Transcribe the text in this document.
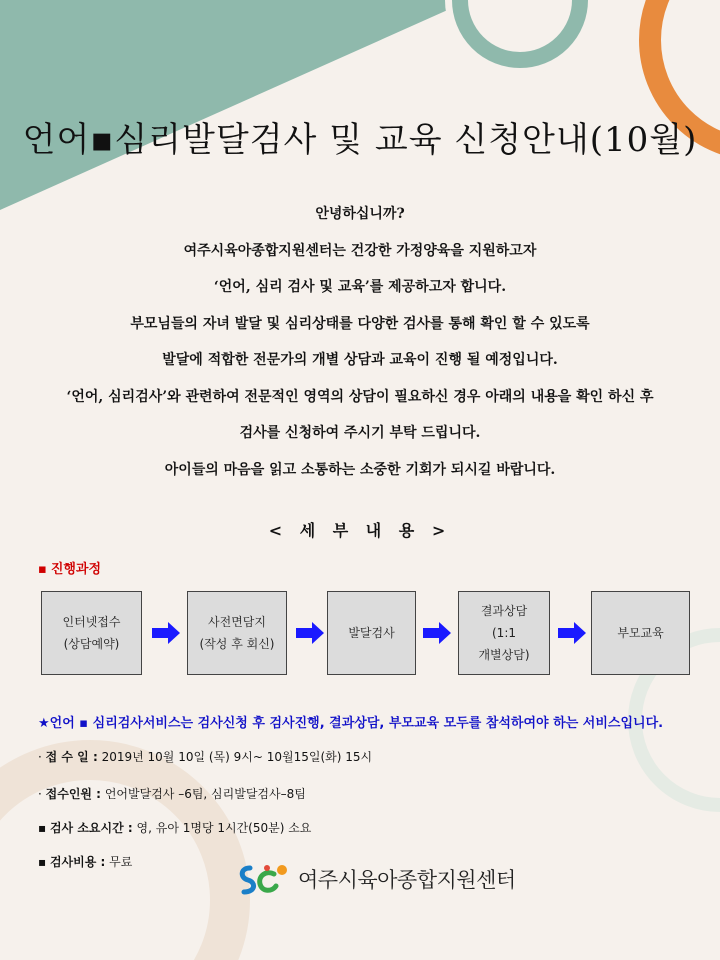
언어▪심리발달검사 및 교육 신청안내(10월)

안녕하십니까?

여주시육아종합지원센터는 건강한 가정양육을 지원하고자

‘언어, 심리 검사 및 교육’를 제공하고자 합니다.

부모님들의 자녀 발달 및 심리상태를 다양한 검사를 통해 확인 할 수 있도록

발달에 적합한 전문가의 개별 상담과 교육이 진행 될 예정입니다.

‘언어, 심리검사’와 관련하여 전문적인 영역의 상담이 필요하신 경우 아래의 내용을 확인 하신 후

검사를 신청하여 주시기 부탁 드립니다.

아이들의 마음을 읽고 소통하는 소중한 기회가 되시길 바랍니다.

< 세 부 내 용 >
▪ 진행과정
인터넷접수
(상담예약)
사전면담지
(작성 후 회신)
발달검사
결과상담
(1:1
개별상담)
부모교육
★언어 ▪ 심리검사서비스는 검사신청 후 검사진행, 결과상담, 부모교육 모두를 참석하여야 하는 서비스입니다.
· 접 수 일 : 2019년 10월 10일 (목) 9시~ 10월15일(화) 15시
· 접수인원 : 언어발달검사 –6팀, 심리발달검사–8팀
▪ 검사 소요시간 : 영, 유아 1명당 1시간(50분) 소요
▪ 검사비용 : 무료
여주시육아종합지원센터
